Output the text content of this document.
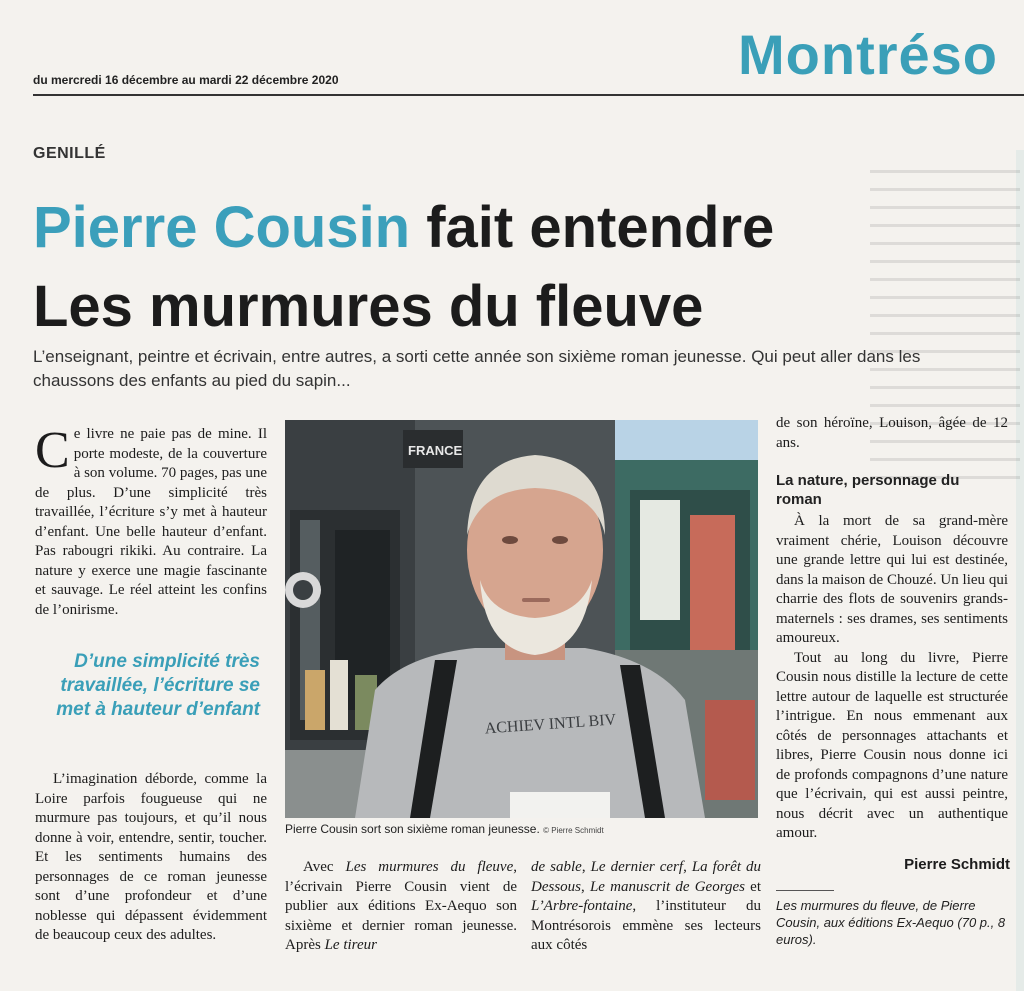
du mercredi 16 décembre au mardi 22 décembre 2020	Montréso
GENILLÉ
Pierre Cousin fait entendre
Les murmures du fleuve
L’enseignant, peintre et écrivain, entre autres, a sorti cette année son sixième roman jeunesse. Qui peut aller dans les chaussons des enfants au pied du sapin...

Ce livre ne paie pas de mine. Il porte modeste, de la couverture à son volume. 70 pages, pas une de plus. D’une simplicité très travaillée, l’écriture s’y met à hauteur d’enfant. Une belle hauteur d’enfant. Pas rabougri rikiki. Au contraire. La nature y exerce une magie fascinante et sauvage. Le réel atteint les confins de l’onirisme.

D’une simplicité très travaillée, l’écriture se met à hauteur d’enfant

L’imagination déborde, comme la Loire parfois fougueuse qui ne murmure pas toujours, et qu’il nous donne à voir, entendre, sentir, toucher. Et les sentiments humains des personnages de ce roman jeunesse sont d’une profondeur et d’une noblesse qui dépassent évidemment de beaucoup ceux des adultes.

FRANCE
ACHIEV INTL BIV
Pierre Cousin sort son sixième roman jeunesse. © Pierre Schmidt

Avec Les murmures du fleuve, l’écrivain Pierre Cousin vient de publier aux éditions Ex-Aequo son sixième et dernier roman jeunesse. Après Le tireur

de sable, Le dernier cerf, La forêt du Dessous, Le manuscrit de Georges et L’Arbre-fontaine, l’instituteur du Montrésorois emmène ses lecteurs aux côtés

de son héroïne, Louison, âgée de 12 ans.

La nature, personnage du roman

À la mort de sa grand-mère vraiment chérie, Louison découvre une grande lettre qui lui est destinée, dans la maison de Chouzé. Un lieu qui charrie des flots de souvenirs grands-maternels : ses drames, ses sentiments amoureux.

Tout au long du livre, Pierre Cousin nous distille la lecture de cette lettre autour de laquelle est structurée l’intrigue. En nous emmenant aux côtés de personnages attachants et libres, Pierre Cousin nous donne ici de profonds compagnons d’une nature que l’écrivain, qui est aussi peintre, nous décrit avec un authentique amour.

Pierre Schmidt
Les murmures du fleuve, de Pierre Cousin, aux éditions Ex-Aequo (70 p., 8 euros).
